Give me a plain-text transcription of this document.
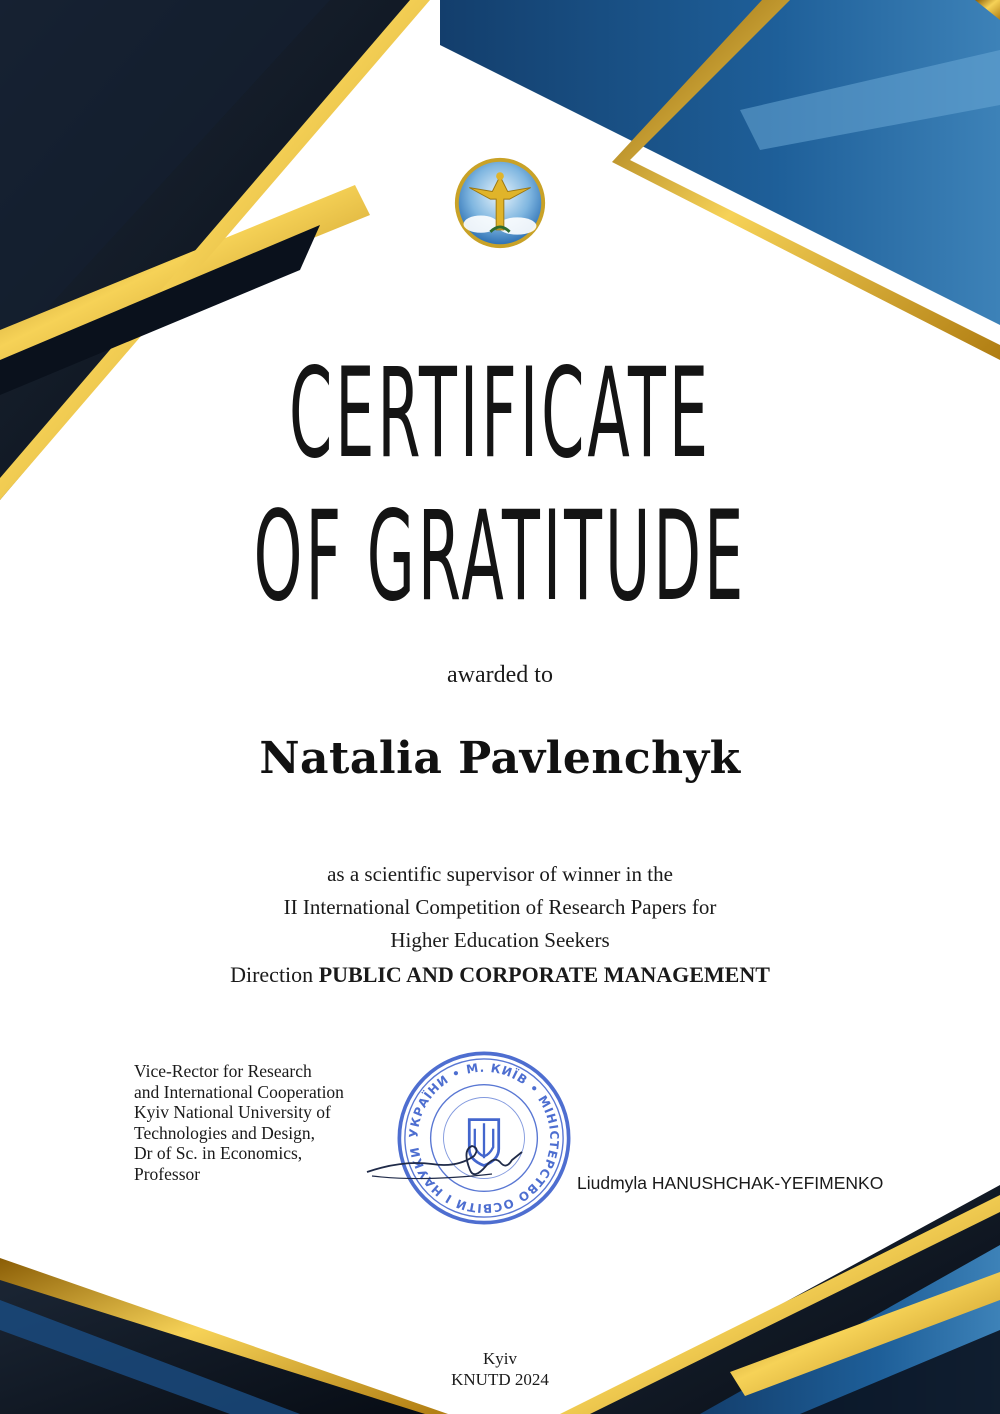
CERTIFICATE
OF GRATITUDE
awarded to
Natalia Pavlenchyk
as a scientific supervisor of winner in the
II International Competition of Research Papers for
Higher Education Seekers
Direction PUBLIC AND CORPORATE MANAGEMENT
Vice-Rector for Research
and International Cooperation
Kyiv National University of
Technologies and Design,
Dr of Sc. in Economics,
Professor
УКРАЇНИ • М. КИЇВ • МІНІСТЕРСТВО ОСВІТИ І НАУКИ
Liudmyla HANUSHCHAK-YEFIMENKO
Kyiv
KNUTD 2024
